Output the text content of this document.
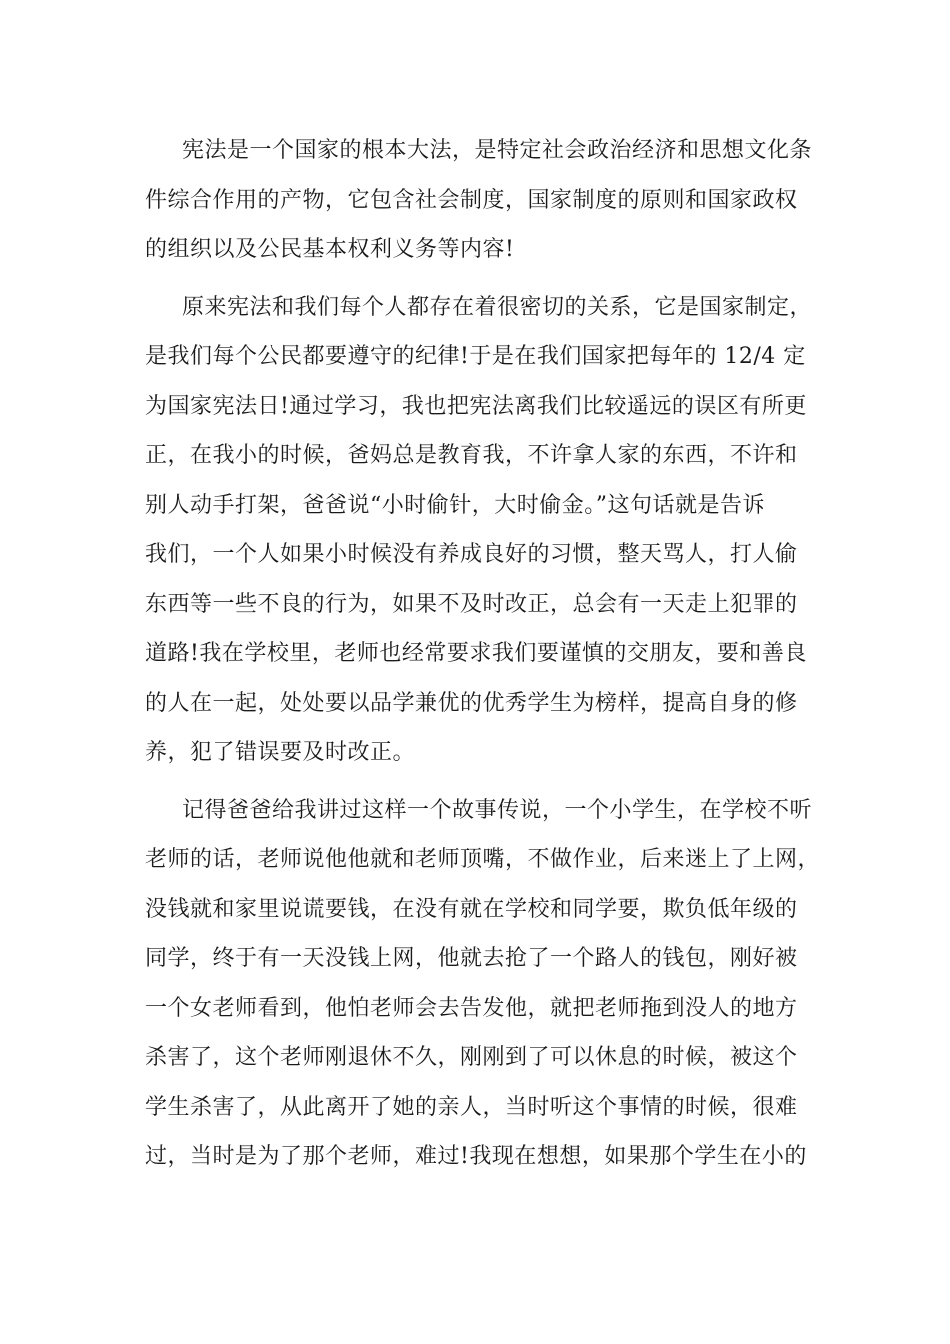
宪法是一个国家的根本大法，是特定社会政治经济和思想文化条
件综合作用的产物，它包含社会制度，国家制度的原则和国家政权
的组织以及公民基本权利义务等内容!
原来宪法和我们每个人都存在着很密切的关系，它是国家制定，
是我们每个公民都要遵守的纪律!于是在我们国家把每年的 12/4 定
为国家宪法日!通过学习，我也把宪法离我们比较遥远的误区有所更
正，在我小的时候，爸妈总是教育我，不许拿人家的东西，不许和
别人动手打架，爸爸说“小时偷针，大时偷金。”这句话就是告诉
我们，一个人如果小时候没有养成良好的习惯，整天骂人，打人偷
东西等一些不良的行为，如果不及时改正，总会有一天走上犯罪的
道路!我在学校里，老师也经常要求我们要谨慎的交朋友，要和善良
的人在一起，处处要以品学兼优的优秀学生为榜样，提高自身的修
养，犯了错误要及时改正。
记得爸爸给我讲过这样一个故事传说，一个小学生，在学校不听
老师的话，老师说他他就和老师顶嘴，不做作业，后来迷上了上网，
没钱就和家里说谎要钱，在没有就在学校和同学要，欺负低年级的
同学，终于有一天没钱上网，他就去抢了一个路人的钱包，刚好被
一个女老师看到，他怕老师会去告发他，就把老师拖到没人的地方
杀害了，这个老师刚退休不久，刚刚到了可以休息的时候，被这个
学生杀害了，从此离开了她的亲人，当时听这个事情的时候，很难
过，当时是为了那个老师，难过!我现在想想，如果那个学生在小的
